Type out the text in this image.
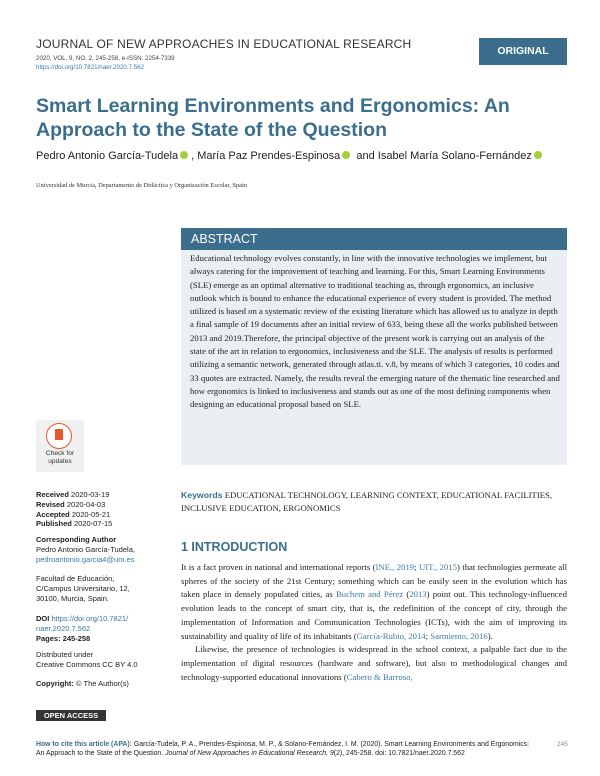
JOURNAL OF NEW APPROACHES IN EDUCATIONAL RESEARCH
2020, VOL. 9, NO. 2, 245-258, e-ISSN: 2254-7339
https://doi.org/10.7821/naer.2020.7.562
ORIGINAL
Smart Learning Environments and Ergonomics: An Approach to the State of the Question
Pedro Antonio García-Tudela , María Paz Prendes-Espinosa and Isabel María Solano-Fernández
Universidad de Murcia, Departamento de Didáctica y Organización Escolar, Spain
ABSTRACT
Educational technology evolves constantly, in line with the innovative technologies we implement, but always catering for the improvement of teaching and learning. For this, Smart Learning Environments (SLE) emerge as an optimal alternative to traditional teaching as, through ergonomics, an inclusive outlook which is bound to enhance the educational experience of every student is provided. The method utilized is based on a systematic review of the existing literature which has allowed us to analyze in depth a final sample of 19 documents after an initial review of 633, being these all the works published between 2013 and 2019.Therefore, the principal objective of the present work is carrying out an analysis of the state of the art in relation to ergonomics, inclusiveness and the SLE. The analysis of results is performed utilizing a semantic network, generated through atlas.ti. v.8, by means of which 3 categories, 10 codes and 33 quotes are extracted. Namely, the results reveal the emerging nature of the thematic line researched and how ergonomics is linked to inclusiveness and stands out as one of the most defining components when designing an educational proposal based on SLE.
Check for
updates
Received 2020-03-19
Revised 2020-04-03
Accepted 2020-05-21
Published 2020-07-15
Corresponding Author
Pedro Antonio García-Tudela,
pedroantonio.garcia4@um.es
Facultad de Educación,
C/Campus Universitario, 12,
30100, Murcia, Spain.
DOI https://doi.org/10.7821/
naer.2020.7.562
Pages: 245-258
Distributed under
Creative Commons CC BY 4.0
Copyright: © The Author(s)
OPEN ACCESS
Keywords EDUCATIONAL TECHNOLOGY, LEARNING CONTEXT, EDUCATIONAL FACILITIES, INCLUSIVE EDUCATION, ERGONOMICS
1 INTRODUCTION

It is a fact proven in national and international reports (INE., 2019; UIT., 2015) that technologies permeate all spheres of the society of the 21st Century; something which can be easily seen in the evolution which has taken place in densely populated cities, as Buchem and Pérez (2013) point out. This technology-influenced evolution leads to the concept of smart city, that is, the redefinition of the concept of city, through the implementation of Information and Communication Technologies (ICTs), with the aim of improving its sustainability and quality of life of its inhabitants (García-Rubio, 2014; Sarmiento, 2016).

Likewise, the presence of technologies is widespread in the school context, a palpable fact due to the implementation of digital resources (hardware and software), but also to methodological changes and technology-supported educational innovations (Cabero & Barroso,

How to cite this article (APA): García-Tudela, P. A., Prendes-Espinosa, M. P., & Solano-Fernández, I. M. (2020). Smart Learning Environments and Ergonomics: An Approach to the State of the Question. Journal of New Approaches in Educational Research, 9(2), 245-258. doi: 10.7821/naer.2020.7.562
245
